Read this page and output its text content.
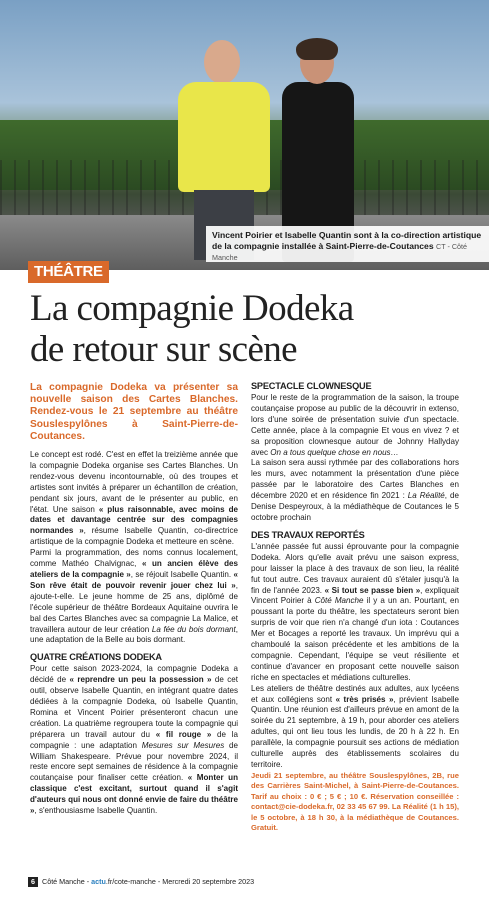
Vincent Poirier et Isabelle Quantin sont à la co-direction artistique
de la compagnie installée à Saint-Pierre-de-Coutances CT - Côté Manche
THÉÂTRE
La compagnie Dodeka
de retour sur scène

La compagnie Dodeka va présenter sa nouvelle saison des Cartes Blanches. Rendez-vous le 21 septembre au théâtre Souslespylônes à Saint-Pierre-de-Coutances.

Le concept est rodé. C'est en effet la treizième année que la compagnie Dodeka organise ses Cartes Blanches. Un rendez-vous devenu incontournable, où des troupes et artistes sont invités à préparer un échantillon de création, pendant six jours, avant de le présenter au public, en l'état. Une saison « plus raisonnable, avec moins de dates et davantage centrée sur des compagnies normandes », résume Isabelle Quantin, co-directrice artistique de la compagnie Dodeka et metteure en scène.

Parmi la programmation, des noms connus localement, comme Mathéo Chalvignac, « un ancien élève des ateliers de la compagnie », se réjouit Isabelle Quantin. « Son rêve était de pouvoir revenir jouer chez lui », ajoute-t-elle. Le jeune homme de 25 ans, diplômé de l'école supérieur de théâtre Bordeaux Aquitaine ouvrira le bal des Cartes Blanches avec sa compagnie La Malice, et travaillera autour de leur création La fée du bois dormant, une adaptation de la Belle au bois dormant.

QUATRE CRÉATIONS DODEKA

Pour cette saison 2023-2024, la compagnie Dodeka a décidé de « reprendre un peu la possession » de cet outil, observe Isabelle Quantin, en intégrant quatre dates dédiées à la compagnie Dodeka, où Isabelle Quantin, Romina et Vincent Poirier présenteront chacun une création. La quatrième regroupera toute la compagnie qui préparera un travail autour du « fil rouge » de la compagnie : une adaptation Mesures sur Mesures de William Shakespeare. Prévue pour novembre 2024, il reste encore sept semaines de résidence à la compagnie coutançaise pour finaliser cette création. « Monter un classique c'est excitant, surtout quand il s'agit d'auteurs qui nous ont donné envie de faire du théâtre », s'enthousiasme Isabelle Quantin.

SPECTACLE CLOWNESQUE

Pour le reste de la programmation de la saison, la troupe coutançaise propose au public de la découvrir in extenso, lors d'une soirée de présentation suivie d'un spectacle. Cette année, place à la compagnie Et vous en vivez ? et sa proposition clownesque autour de Johnny Hallyday avec On a tous quelque chose en nous…

La saison sera aussi rythmée par des collaborations hors les murs, avec notamment la présentation d'une pièce passée par le laboratoire des Cartes Blanches en décembre 2020 et en résidence fin 2021 : La Réalité, de Denise Despeyroux, à la médiathèque de Coutances le 5 octobre prochain

DES TRAVAUX REPORTÉS

L'année passée fut aussi éprouvante pour la compagnie Dodeka. Alors qu'elle avait prévu une saison express, pour laisser la place à des travaux de son lieu, la réalité fut tout autre. Ces travaux auraient dû s'étaler jusqu'à la fin de l'année 2023. « Si tout se passe bien », expliquait Vincent Poirier à Côté Manche il y a un an. Pourtant, en poussant la porte du théâtre, les spectateurs seront bien surpris de voir que rien n'a changé d'un iota : Coutances Mer et Bocages a reporté les travaux. Un imprévu qui a chamboulé la saison précédente et les ambitions de la compagnie. Cependant, l'équipe se veut résiliente et continue d'avancer en proposant cette nouvelle saison riche en spectacles et médiations culturelles.

Les ateliers de théâtre destinés aux adultes, aux lycéens et aux collégiens sont « très prisés », prévient Isabelle Quantin. Une réunion est d'ailleurs prévue en amont de la soirée du 21 septembre, à 19 h, pour aborder ces ateliers adultes, qui ont lieu tous les lundis, de 20 h à 22 h. En parallèle, la compagnie poursuit ses actions de médiation culturelle auprès des établissements scolaires du territoire.

Jeudi 21 septembre, au théâtre Souslespylônes, 2B, rue des Carrières Saint-Michel, à Saint-Pierre-de-Coutances. Tarif au choix : 0 € ; 5 € ; 10 €. Réservation conseillée : contact@cie-dodeka.fr, 02 33 45 67 99. La Réalité (1 h 15), le 5 octobre, à 18 h 30, à la médiathèque de Coutances. Gratuit.

6 Côté Manche - actu.fr/cote-manche - Mercredi 20 septembre 2023
